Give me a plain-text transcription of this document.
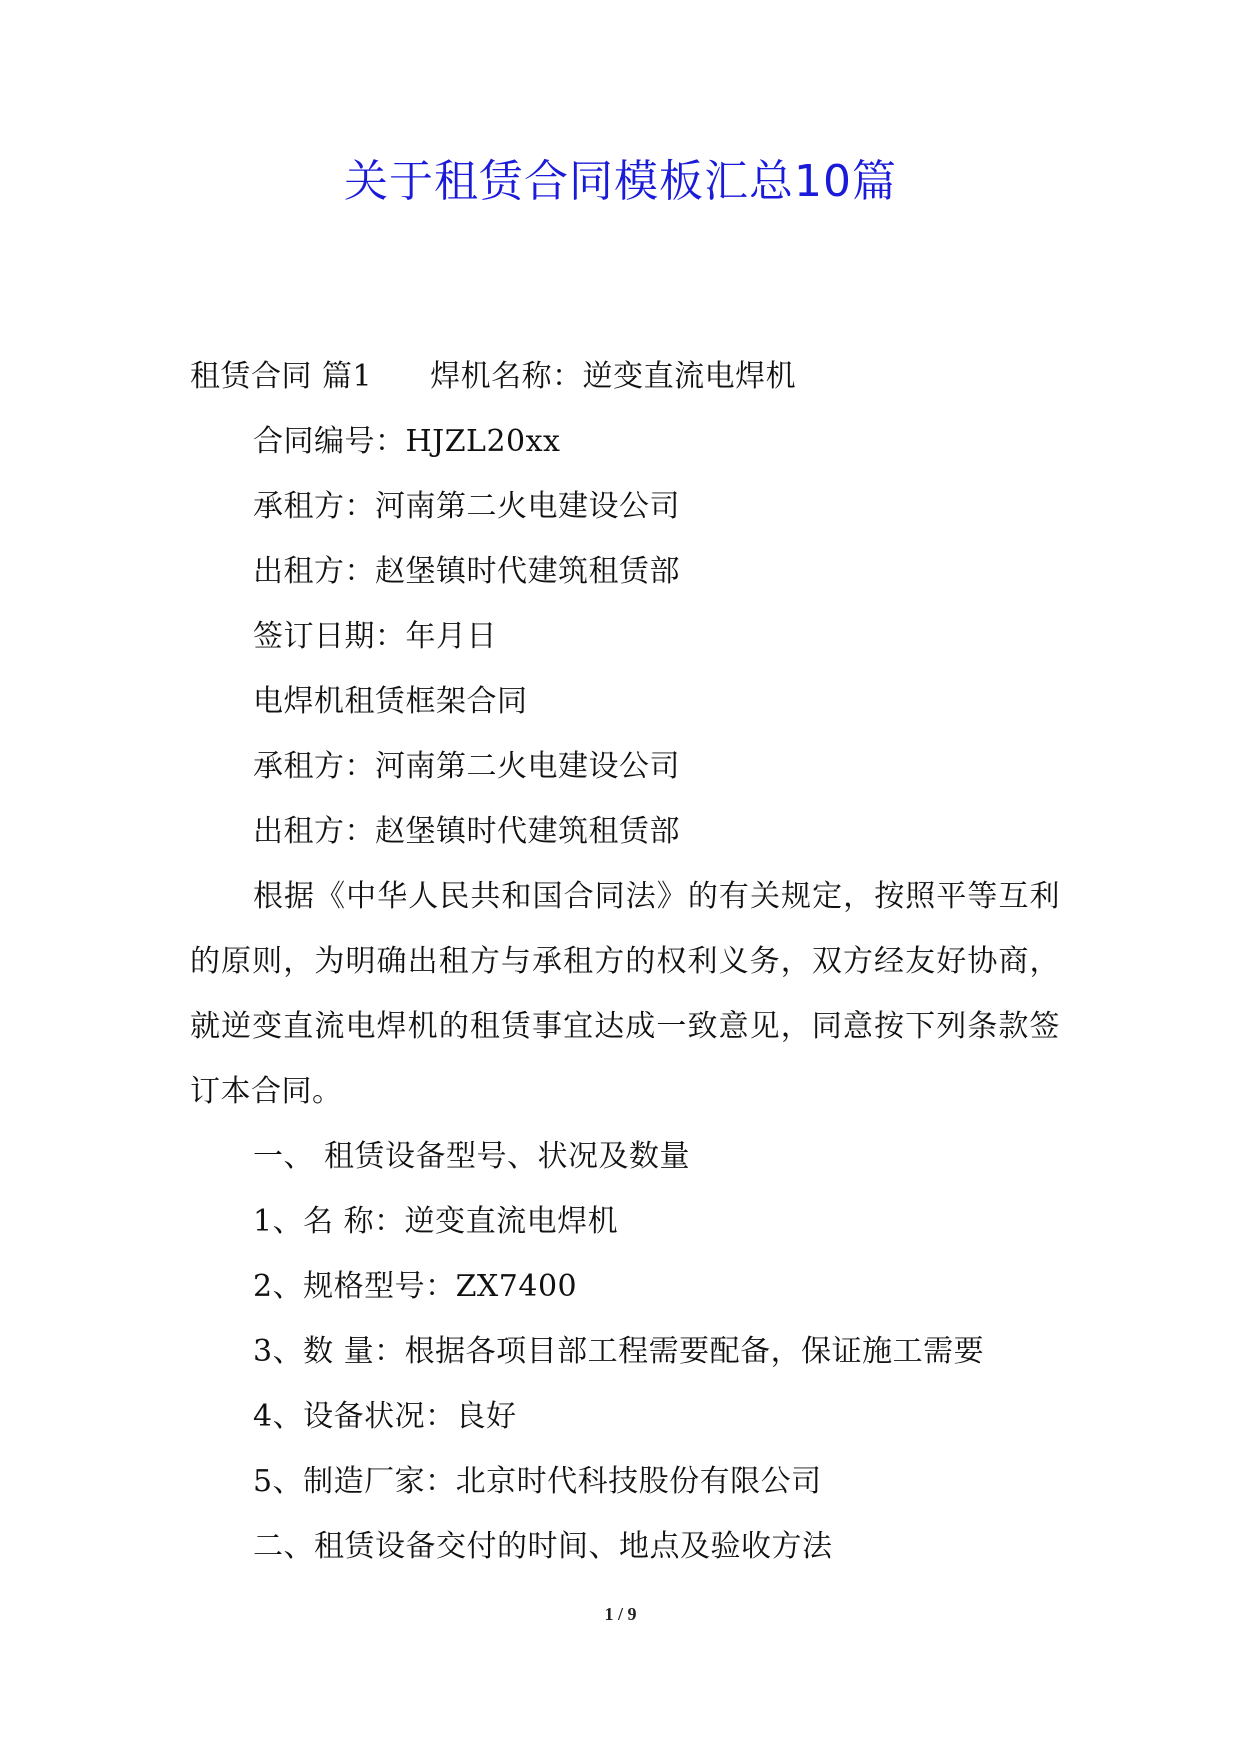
关于租赁合同模板汇总10篇
租赁合同 篇1 焊机名称：逆变直流电焊机
合同编号：HJZL20xx
承租方：河南第二火电建设公司
出租方：赵堡镇时代建筑租赁部
签订日期：年月日
电焊机租赁框架合同
承租方：河南第二火电建设公司
出租方：赵堡镇时代建筑租赁部

根据《中华人民共和国合同法》的有关规定，按照平等互利的原则，为明确出租方与承租方的权利义务，双方经友好协商，就逆变直流电焊机的租赁事宜达成一致意见，同意按下列条款签订本合同。

一、 租赁设备型号、状况及数量
1、名 称：逆变直流电焊机
2、规格型号：ZX7400
3、数 量：根据各项目部工程需要配备，保证施工需要
4、设备状况：良好
5、制造厂家：北京时代科技股份有限公司
二、租赁设备交付的时间、地点及验收方法
1 / 9
